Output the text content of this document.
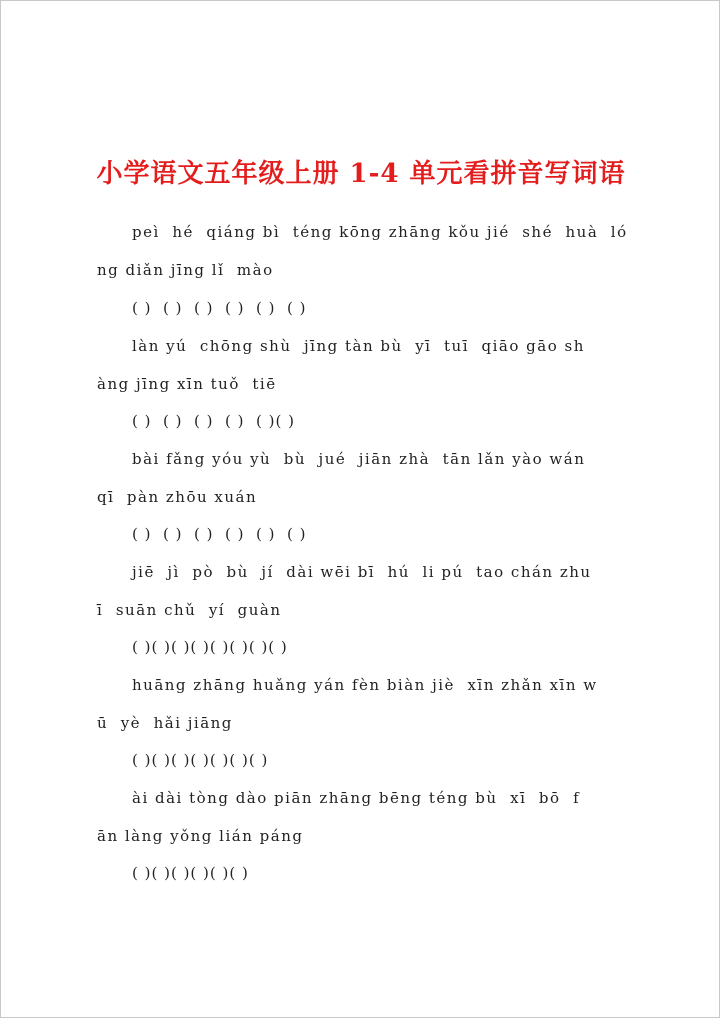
小学语文五年级上册 1-4 单元看拼音写词语
peì  hé  qiáng bì  téng kōng zhāng kǒu jié  shé  huà  ló
ng diǎn jīng lǐ  mào
( )  ( )  ( )  ( )  ( )  ( )
làn yú  chōng shù  jīng tàn bù  yī  tuī  qiāo gāo sh
àng jīng xīn tuǒ  tiē
( )  ( )  ( )  ( )  ( )( )
bài fǎng yóu yù  bù  jué  jiān zhà  tān lǎn yào wán
qī  pàn zhōu xuán
( )  ( )  ( )  ( )  ( )  ( )
jiē  jì  pò  bù  jí  dài wēi bī  hú  li pú  tao chán zhu
ī  suān chǔ  yí  guàn
( )( )( )( )( )( )( )( )
huāng zhāng huǎng yán fèn biàn jiè  xīn zhǎn xīn w
ū  yè  hǎi jiāng
( )( )( )( )( )( )( )
ài dài tòng dào piān zhāng bēng téng bù  xī  bō  f
ān làng yǒng lián páng
( )( )( )( )( )( )
